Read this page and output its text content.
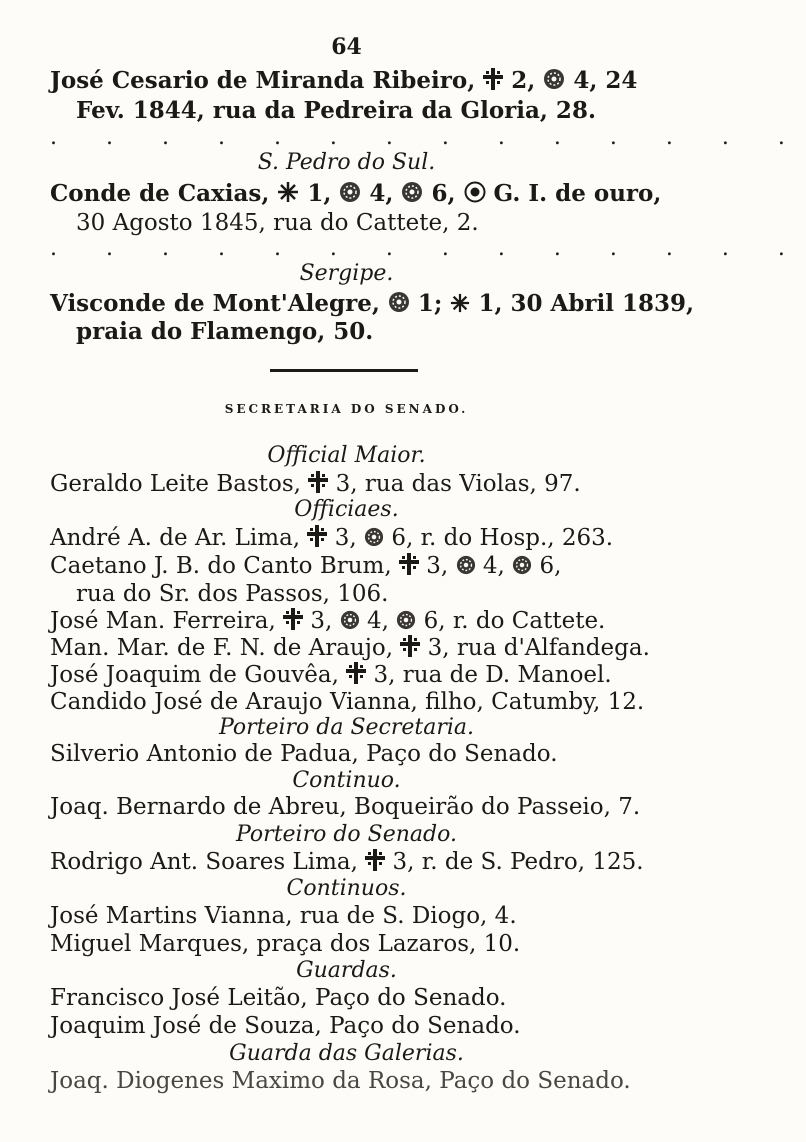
64
José Cesario de Miranda Ribeiro, 2, 4, 24
Fev. 1844, rua da Pedreira da Gloria, 28.
. . . . . . . . . . . . . .
S. Pedro do Sul.
Conde de Caxias, 1, 4, 6, G. I. de ouro,
30 Agosto 1845, rua do Cattete, 2.
. . . . . . . . . . . . . .
Sergipe.
Visconde de Mont'Alegre, 1; 1, 30 Abril 1839,
praia do Flamengo, 50.
SECRETARIA DO SENADO.
Official Maior.
Geraldo Leite Bastos, 3, rua das Violas, 97.
Officiaes.
André A. de Ar. Lima, 3, 6, r. do Hosp., 263.
Caetano J. B. do Canto Brum, 3, 4, 6,
rua do Sr. dos Passos, 106.
José Man. Ferreira, 3, 4, 6, r. do Cattete.
Man. Mar. de F. N. de Araujo, 3, rua d'Alfandega.
José Joaquim de Gouvêa, 3, rua de D. Manoel.
Candido José de Araujo Vianna, filho, Catumby, 12.
Porteiro da Secretaria.
Silverio Antonio de Padua, Paço do Senado.
Continuo.
Joaq. Bernardo de Abreu, Boqueirão do Passeio, 7.
Porteiro do Senado.
Rodrigo Ant. Soares Lima, 3, r. de S. Pedro, 125.
Continuos.
José Martins Vianna, rua de S. Diogo, 4.
Miguel Marques, praça dos Lazaros, 10.
Guardas.
Francisco José Leitão, Paço do Senado.
Joaquim José de Souza, Paço do Senado.
Guarda das Galerias.
Joaq. Diogenes Maximo da Rosa, Paço do Senado.
